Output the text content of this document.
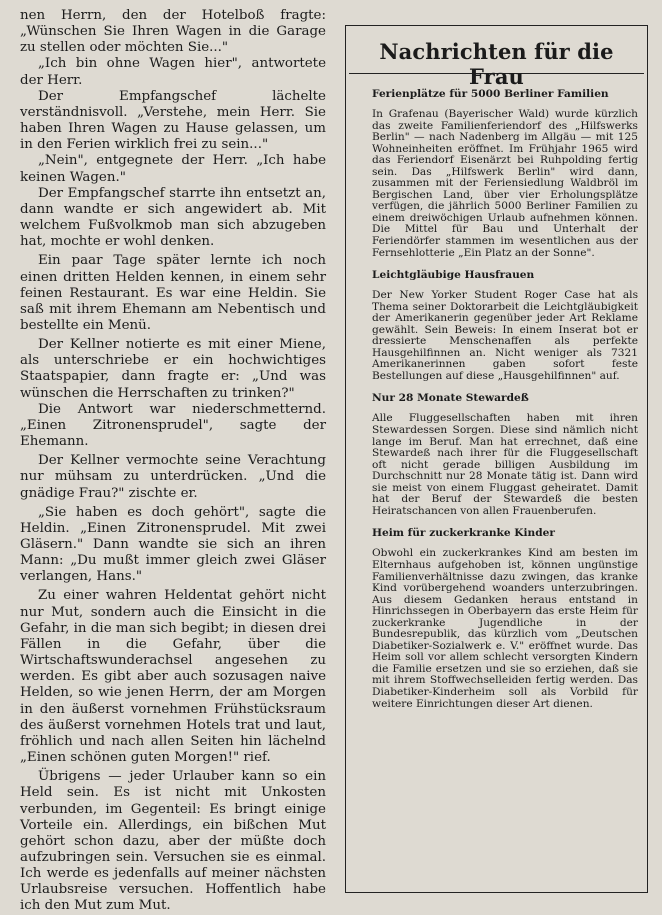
nen Herrn, den der Hotelboß fragte: „Wünschen Sie Ihren Wagen in die Garage zu stellen oder möchten Sie..."

„Ich bin ohne Wagen hier", antwortete der Herr.

Der Empfangschef lächelte verständnisvoll. „Verstehe, mein Herr. Sie haben Ihren Wagen zu Hause gelassen, um in den Ferien wirklich frei zu sein..."

„Nein", entgegnete der Herr. „Ich habe keinen Wagen."

Der Empfangschef starrte ihn entsetzt an, dann wandte er sich angewidert ab. Mit welchem Fußvolkmob man sich abzugeben hat, mochte er wohl denken.

Ein paar Tage später lernte ich noch einen dritten Helden kennen, in einem sehr feinen Restaurant. Es war eine Heldin. Sie saß mit ihrem Ehemann am Nebentisch und bestellte ein Menü.

Der Kellner notierte es mit einer Miene, als unterschriebe er ein hochwichtiges Staatspapier, dann fragte er: „Und was wünschen die Herrschaften zu trinken?"

Die Antwort war niederschmetternd. „Einen Zitronensprudel", sagte der Ehemann.

Der Kellner vermochte seine Verachtung nur mühsam zu unterdrücken. „Und die gnädige Frau?" zischte er.

„Sie haben es doch gehört", sagte die Heldin. „Einen Zitronensprudel. Mit zwei Gläsern." Dann wandte sie sich an ihren Mann: „Du mußt immer gleich zwei Gläser verlangen, Hans."

Zu einer wahren Heldentat gehört nicht nur Mut, sondern auch die Einsicht in die Gefahr, in die man sich begibt; in diesen drei Fällen in die Gefahr, über die Wirtschaftswunderachsel angesehen zu werden. Es gibt aber auch sozusagen naive Helden, so wie jenen Herrn, der am Morgen in den äußerst vornehmen Frühstücksraum des äußerst vornehmen Hotels trat und laut, fröhlich und nach allen Seiten hin lächelnd „Einen schönen guten Morgen!" rief.

Übrigens — jeder Urlauber kann so ein Held sein. Es ist nicht mit Unkosten verbunden, im Gegenteil: Es bringt einige Vorteile ein. Allerdings, ein bißchen Mut gehört schon dazu, aber der müßte doch aufzubringen sein. Versuchen sie es einmal. Ich werde es jedenfalls auf meiner nächsten Urlaubsreise versuchen. Hoffentlich habe ich den Mut zum Mut.

Nachrichten für die Frau
Ferienplätze für 5000 Berliner Familien

In Grafenau (Bayerischer Wald) wurde kürzlich das zweite Familienferiendorf des „Hilfswerks Berlin" — nach Nadenberg im Allgäu — mit 125 Wohneinheiten eröffnet. Im Frühjahr 1965 wird das Feriendorf Eisenärzt bei Ruhpolding fertig sein. Das „Hilfswerk Berlin" wird dann, zusammen mit der Feriensiedlung Waldbröl im Bergischen Land, über vier Erholungsplätze verfügen, die jährlich 5000 Berliner Familien zu einem dreiwöchigen Urlaub aufnehmen können. Die Mittel für Bau und Unterhalt der Feriendörfer stammen im wesentlichen aus der Fernsehlotterie „Ein Platz an der Sonne".

Leichtgläubige Hausfrauen

Der New Yorker Student Roger Case hat als Thema seiner Doktorarbeit die Leichtgläubigkeit der Amerikanerin gegenüber jeder Art Reklame gewählt. Sein Beweis: In einem Inserat bot er dressierte Menschenaffen als perfekte Hausgehilfinnen an. Nicht weniger als 7321 Amerikanerinnen gaben sofort feste Bestellungen auf diese „Hausgehilfinnen" auf.

Nur 28 Monate Stewardeß

Alle Fluggesellschaften haben mit ihren Stewardessen Sorgen. Diese sind nämlich nicht lange im Beruf. Man hat errechnet, daß eine Stewardeß nach ihrer für die Fluggesellschaft oft nicht gerade billigen Ausbildung im Durchschnitt nur 28 Monate tätig ist. Dann wird sie meist von einem Fluggast geheiratet. Damit hat der Beruf der Stewardeß die besten Heiratschancen von allen Frauenberufen.

Heim für zuckerkranke Kinder

Obwohl ein zuckerkrankes Kind am besten im Elternhaus aufgehoben ist, können ungünstige Familienverhältnisse dazu zwingen, das kranke Kind vorübergehend woanders unterzubringen. Aus diesem Gedanken heraus entstand in Hinrichssegen in Oberbayern das erste Heim für zuckerkranke Jugendliche in der Bundesrepublik, das kürzlich vom „Deutschen Diabetiker-Sozialwerk e. V." eröffnet wurde. Das Heim soll vor allem schlecht versorgten Kindern die Familie ersetzen und sie so erziehen, daß sie mit ihrem Stoffwechselleiden fertig werden. Das Diabetiker-Kinderheim soll als Vorbild für weitere Einrichtungen dieser Art dienen.
